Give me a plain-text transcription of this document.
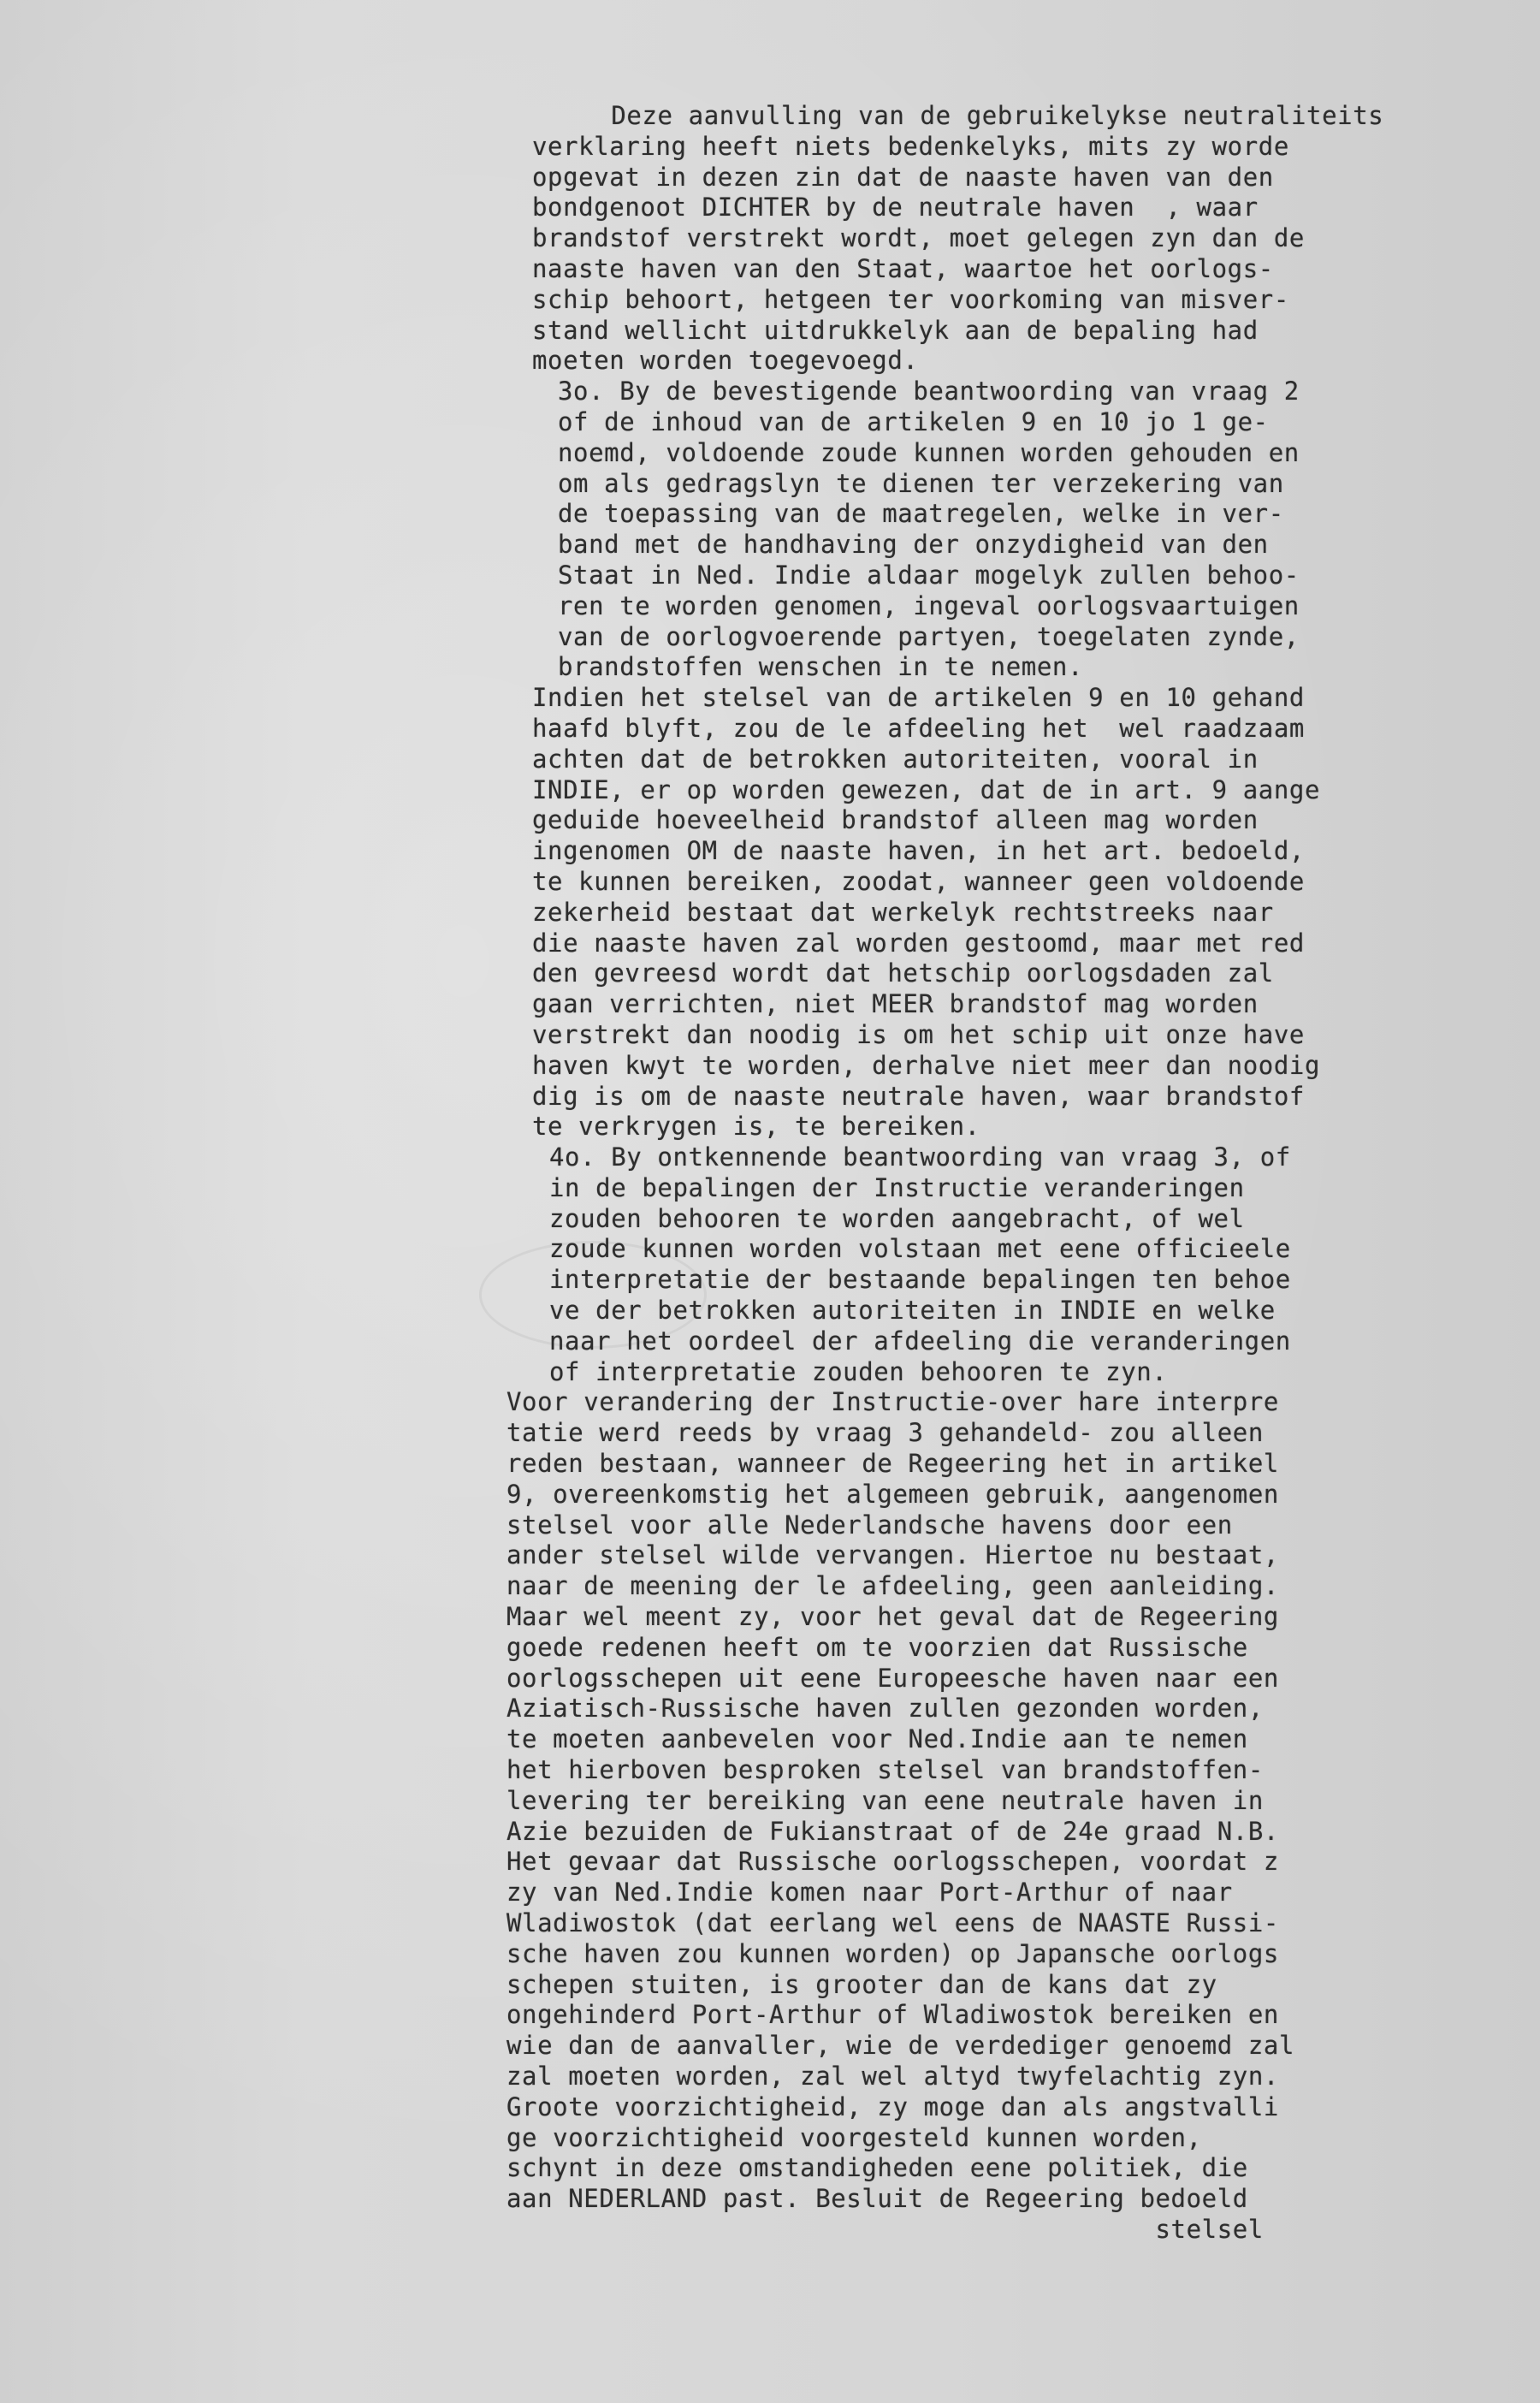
Deze aanvulling van de gebruikelykse neutraliteits
verklaring heeft niets bedenkelyks, mits zy worde
opgevat in dezen zin dat de naaste haven van den
bondgenoot DICHTER by de neutrale haven  , waar
brandstof verstrekt wordt, moet gelegen zyn dan de
naaste haven van den Staat, waartoe het oorlogs-
schip behoort, hetgeen ter voorkoming van misver-
stand wellicht uitdrukkelyk aan de bepaling had
moeten worden toegevoegd.
3o. By de bevestigende beantwoording van vraag 2
of de inhoud van de artikelen 9 en 10 jo 1 ge-
noemd, voldoende zoude kunnen worden gehouden en
om als gedragslyn te dienen ter verzekering van
de toepassing van de maatregelen, welke in ver-
band met de handhaving der onzydigheid van den
Staat in Ned. Indie aldaar mogelyk zullen behoo-
ren te worden genomen, ingeval oorlogsvaartuigen
van de oorlogvoerende partyen, toegelaten zynde,
brandstoffen wenschen in te nemen.
Indien het stelsel van de artikelen 9 en 10 gehand
haafd blyft, zou de le afdeeling het  wel raadzaam
achten dat de betrokken autoriteiten, vooral in
INDIE, er op worden gewezen, dat de in art. 9 aange
geduide hoeveelheid brandstof alleen mag worden
ingenomen OM de naaste haven, in het art. bedoeld,
te kunnen bereiken, zoodat, wanneer geen voldoende
zekerheid bestaat dat werkelyk rechtstreeks naar
die naaste haven zal worden gestoomd, maar met red
den gevreesd wordt dat hetschip oorlogsdaden zal
gaan verrichten, niet MEER brandstof mag worden
verstrekt dan noodig is om het schip uit onze have
haven kwyt te worden, derhalve niet meer dan noodig
dig is om de naaste neutrale haven, waar brandstof
te verkrygen is, te bereiken.
4o. By ontkennende beantwoording van vraag 3, of
in de bepalingen der Instructie veranderingen
zouden behooren te worden aangebracht, of wel
zoude kunnen worden volstaan met eene officieele
interpretatie der bestaande bepalingen ten behoe
ve der betrokken autoriteiten in INDIE en welke
naar het oordeel der afdeeling die veranderingen
of interpretatie zouden behooren te zyn.
Voor verandering der Instructie-over hare interpre
tatie werd reeds by vraag 3 gehandeld- zou alleen
reden bestaan, wanneer de Regeering het in artikel
9, overeenkomstig het algemeen gebruik, aangenomen
stelsel voor alle Nederlandsche havens door een
ander stelsel wilde vervangen. Hiertoe nu bestaat,
naar de meening der le afdeeling, geen aanleiding.
Maar wel meent zy, voor het geval dat de Regeering
goede redenen heeft om te voorzien dat Russische
oorlogsschepen uit eene Europeesche haven naar een
Aziatisch-Russische haven zullen gezonden worden,
te moeten aanbevelen voor Ned.Indie aan te nemen
het hierboven besproken stelsel van brandstoffen-
levering ter bereiking van eene neutrale haven in
Azie bezuiden de Fukianstraat of de 24e graad N.B.
Het gevaar dat Russische oorlogsschepen, voordat z
zy van Ned.Indie komen naar Port-Arthur of naar
Wladiwostok (dat eerlang wel eens de NAASTE Russi-
sche haven zou kunnen worden) op Japansche oorlogs
schepen stuiten, is grooter dan de kans dat zy
ongehinderd Port-Arthur of Wladiwostok bereiken en
wie dan de aanvaller, wie de verdediger genoemd zal
zal moeten worden, zal wel altyd twyfelachtig zyn.
Groote voorzichtigheid, zy moge dan als angstvalli
ge voorzichtigheid voorgesteld kunnen worden,
schynt in deze omstandigheden eene politiek, die
aan NEDERLAND past. Besluit de Regeering bedoeld
stelsel
